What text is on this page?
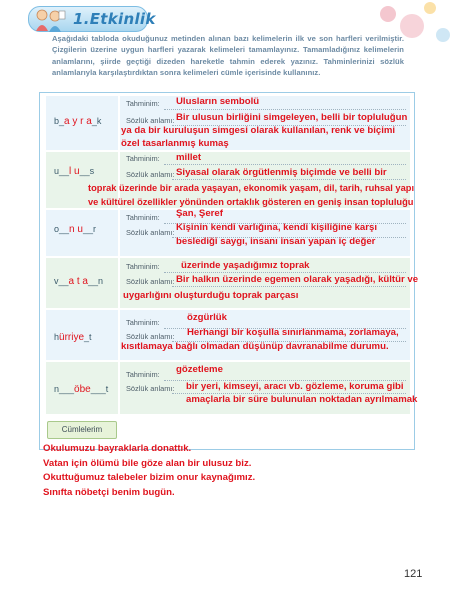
1.Etkinlik
Aşağıdaki tabloda okuduğunuz metinden alınan bazı kelimelerin ilk ve son harfleri verilmiştir. Çizgilerin üzerine uygun harfleri yazarak kelimeleri tamamlayınız. Tamamladığınız kelimelerin anlamlarını, şiirde geçtiği dizeden hareketle tahmin ederek yazınız. Tahminlerinizi sözlük anlamlarıyla karşılaştırdıktan sonra kelimeleri cümle içerisinde kullanınız.
b_a y r a_k
Tahminim:
Sözlük anlamı:
Ulusların sembolü
Bir ulusun birliğini simgeleyen, belli bir topluluğun
ya da bir kuruluşun simgesi olarak kullanılan, renk ve biçimi
özel tasarlanmış kumaş
u__l u__s
Tahminim:
Sözlük anlamı:
millet
Siyasal olarak örgütlenmiş biçimde ve belli bir
toprak üzerinde bir arada yaşayan, ekonomik yaşam, dil, tarih, ruhsal yapı
ve kültürel özellikler yönünden ortaklık gösteren en geniş insan topluluğu
o__n u__r
Tahminim:
Sözlük anlamı:
Şan, Şeref
Kişinin kendi varlığına, kendi kişiliğine karşı
beslediği saygı, insanı insan yapan iç değer
v__a t a__n
Tahminim:
Sözlük anlamı:
üzerinde yaşadığımız toprak
Bir halkın üzerinde egemen olarak yaşadığı, kültür ve
uygarlığını oluşturduğu toprak parçası
hürriye_t
Tahminim:
Sözlük anlamı:
özgürlük
Herhangi bir koşulla sınırlanmama, zorlamaya,
kısıtlamaya bağlı olmadan düşünüp davranabilme durumu.
n___öbe___t
Tahminim:
Sözlük anlamı:
gözetleme
bir yeri, kimseyi, aracı vb. gözleme, koruma gibi
amaçlarla bir süre bulunulan noktadan ayrılmamak
Cümlelerim
Okulumuzu bayraklarla donattık.
Vatan için ölümü bile göze alan bir ulusuz biz.
Okuttuğumuz talebeler bizim onur kaynağımız.
Sınıfta nöbetçi benim bugün.
121
